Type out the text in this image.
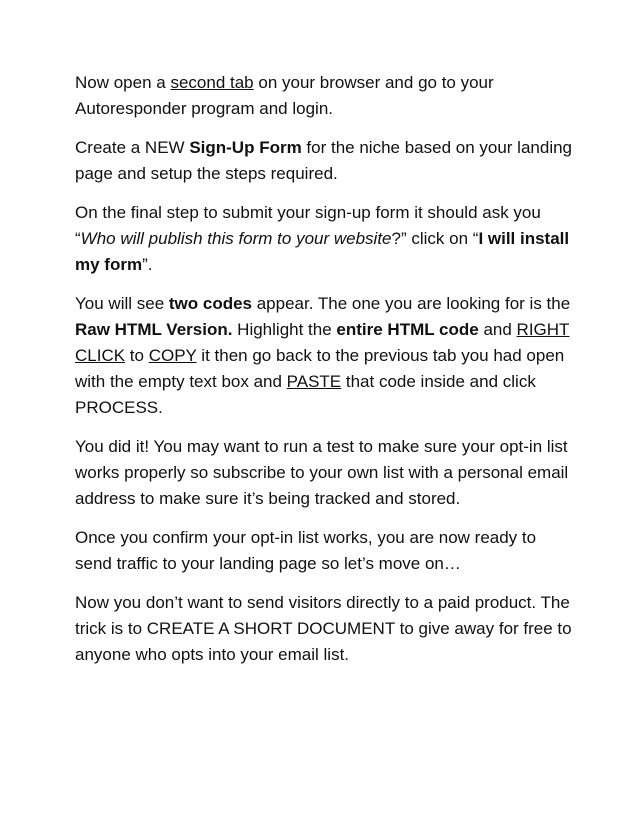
Now open a second tab on your browser and go to your Autoresponder program and login.

Create a NEW Sign-Up Form for the niche based on your landing page and setup the steps required.

On the final step to submit your sign-up form it should ask you “Who will publish this form to your website?” click on “I will install my form”.

You will see two codes appear. The one you are looking for is the Raw HTML Version. Highlight the entire HTML code and RIGHT CLICK to COPY it then go back to the previous tab you had open with the empty text box and PASTE that code inside and click PROCESS.

You did it! You may want to run a test to make sure your opt-in list works properly so subscribe to your own list with a personal email address to make sure it’s being tracked and stored.

Once you confirm your opt-in list works, you are now ready to send traffic to your landing page so let’s move on…

Now you don’t want to send visitors directly to a paid product. The trick is to CREATE A SHORT DOCUMENT to give away for free to anyone who opts into your email list.
